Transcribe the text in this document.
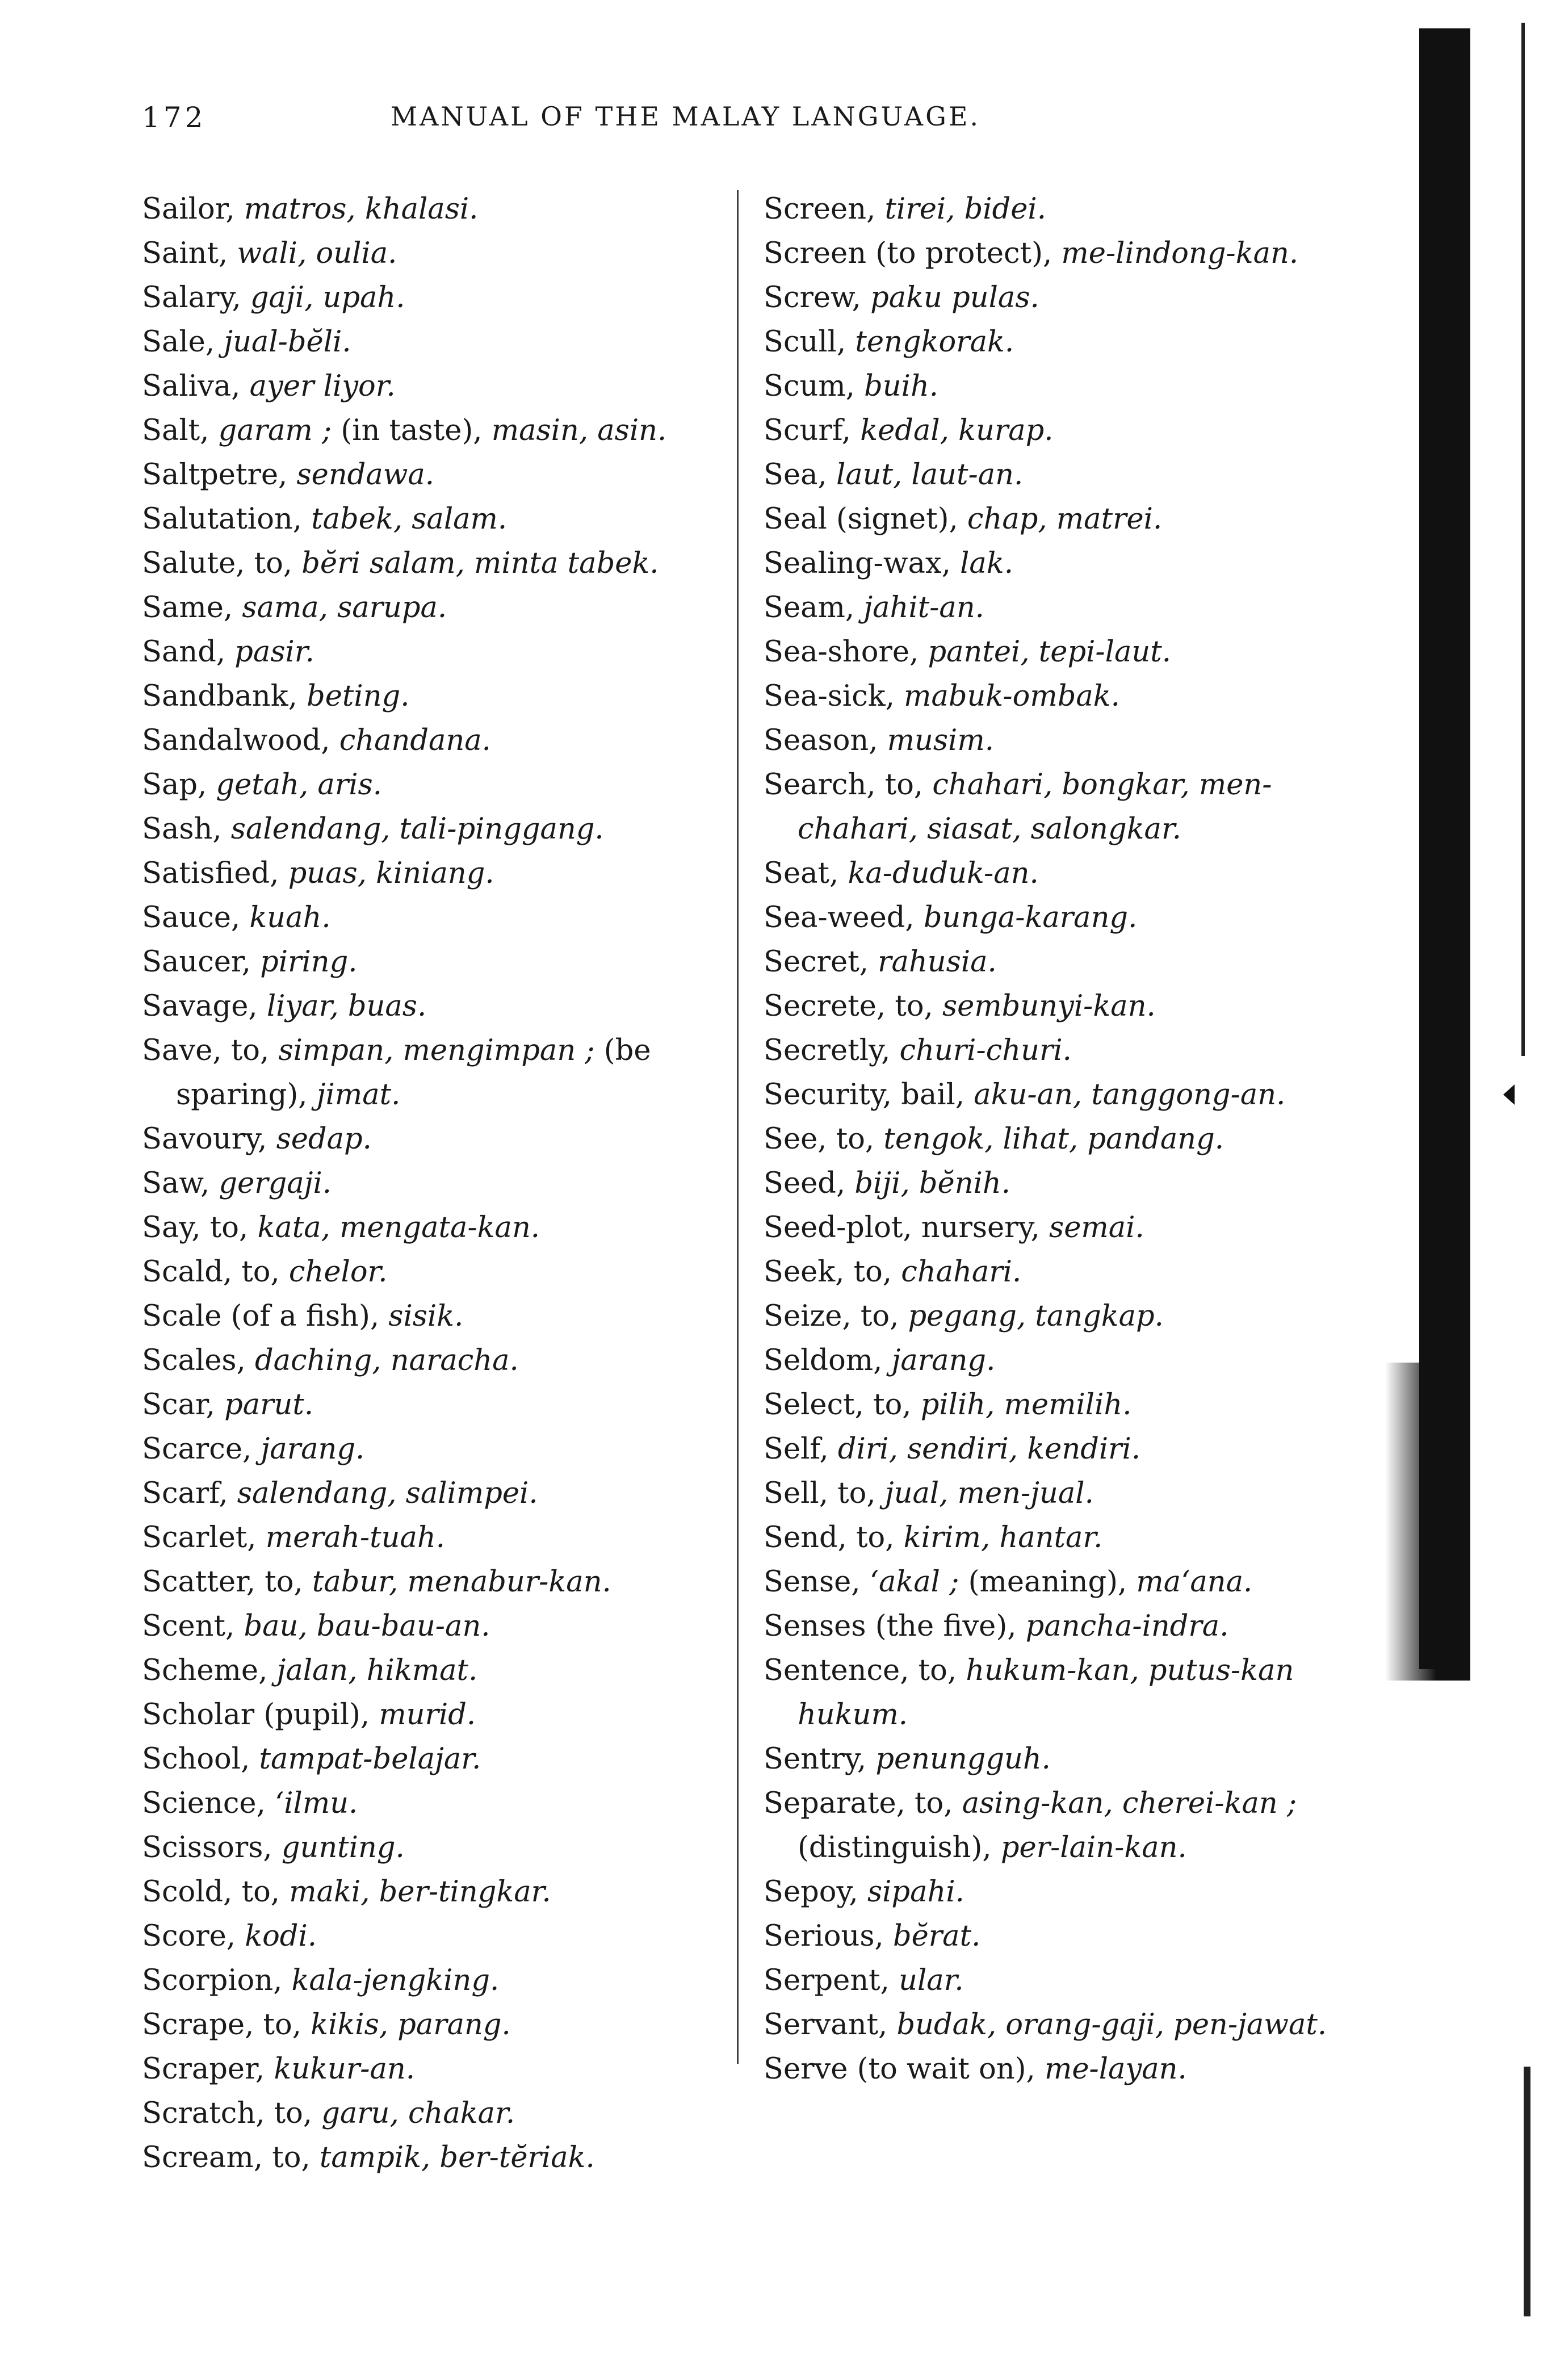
172	MANUAL OF THE MALAY LANGUAGE.

Sailor, matros, khalasi.

Saint, wali, oulia.

Salary, gaji, upah.

Sale, jual-bĕli.

Saliva, ayer liyor.

Salt, garam ; (in taste), masin, asin.

Saltpetre, sendawa.

Salutation, tabek, salam.

Salute, to, bĕri salam, minta tabek.

Same, sama, sarupa.

Sand, pasir.

Sandbank, beting.

Sandalwood, chandana.

Sap, getah, aris.

Sash, salendang, tali-pinggang.

Satisfied, puas, kiniang.

Sauce, kuah.

Saucer, piring.

Savage, liyar, buas.

Save, to, simpan, mengimpan ; (be sparing), jimat.

Savoury, sedap.

Saw, gergaji.

Say, to, kata, mengata-kan.

Scald, to, chelor.

Scale (of a fish), sisik.

Scales, daching, naracha.

Scar, parut.

Scarce, jarang.

Scarf, salendang, salimpei.

Scarlet, merah-tuah.

Scatter, to, tabur, menabur-kan.

Scent, bau, bau-bau-an.

Scheme, jalan, hikmat.

Scholar (pupil), murid.

School, tampat-belajar.

Science, ʻilmu.

Scissors, gunting.

Scold, to, maki, ber-tingkar.

Score, kodi.

Scorpion, kala-jengking.

Scrape, to, kikis, parang.

Scraper, kukur-an.

Scratch, to, garu, chakar.

Scream, to, tampik, ber-tĕriak.

Screen, tirei, bidei.

Screen (to protect), me-lindong-kan.

Screw, paku pulas.

Scull, tengkorak.

Scum, buih.

Scurf, kedal, kurap.

Sea, laut, laut-an.

Seal (signet), chap, matrei.

Sealing-wax, lak.

Seam, jahit-an.

Sea-shore, pantei, tepi-laut.

Sea-sick, mabuk-ombak.

Season, musim.

Search, to, chahari, bongkar, men-chahari, siasat, salongkar.

Seat, ka-duduk-an.

Sea-weed, bunga-karang.

Secret, rahusia.

Secrete, to, sembunyi-kan.

Secretly, churi-churi.

Security, bail, aku-an, tanggong-an.

See, to, tengok, lihat, pandang.

Seed, biji, bĕnih.

Seed-plot, nursery, semai.

Seek, to, chahari.

Seize, to, pegang, tangkap.

Seldom, jarang.

Select, to, pilih, memilih.

Self, diri, sendiri, kendiri.

Sell, to, jual, men-jual.

Send, to, kirim, hantar.

Sense, ʻakal ; (meaning), maʻana.

Senses (the five), pancha-indra.

Sentence, to, hukum-kan, putus-kan hukum.

Sentry, penungguh.

Separate, to, asing-kan, cherei-kan ; (distinguish), per-lain-kan.

Sepoy, sipahi.

Serious, bĕrat.

Serpent, ular.

Servant, budak, orang-gaji, pen-jawat.

Serve (to wait on), me-layan.
